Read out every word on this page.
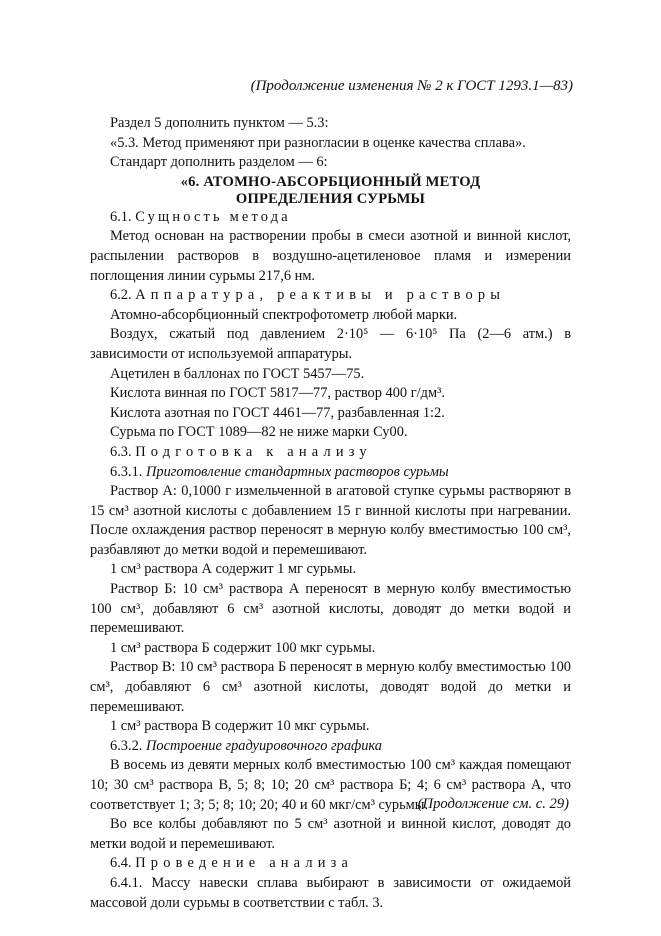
(Продолжение изменения № 2 к ГОСТ 1293.1—83)

Раздел 5 дополнить пунктом — 5.3:

«5.3. Метод применяют при разногласии в оценке качества сплава».

Стандарт дополнить разделом — 6:

«6. АТОМНО-АБСОРБЦИОННЫЙ МЕТОД
ОПРЕДЕЛЕНИЯ СУРЬМЫ

6.1. Сущность метода

Метод основан на растворении пробы в смеси азотной и винной кислот, распылении растворов в воздушно-ацетиленовое пламя и измерении поглощения линии сурьмы 217,6 нм.

6.2. Аппаратура, реактивы и растворы

Атомно-абсорбционный спектрофотометр любой марки.

Воздух, сжатый под давлением 2·10⁵ — 6·10⁵ Па (2—6 атм.) в зависимости от используемой аппаратуры.

Ацетилен в баллонах по ГОСТ 5457—75.

Кислота винная по ГОСТ 5817—77, раствор 400 г/дм³.

Кислота азотная по ГОСТ 4461—77, разбавленная 1:2.

Сурьма по ГОСТ 1089—82 не ниже марки Су00.

6.3. Подготовка к анализу

6.3.1. Приготовление стандартных растворов сурьмы

Раствор А: 0,1000 г измельченной в агатовой ступке сурьмы растворяют в 15 см³ азотной кислоты с добавлением 15 г винной кислоты при нагревании. После охлаждения раствор переносят в мерную колбу вместимостью 100 см³, разбавляют до метки водой и перемешивают.

1 см³ раствора А содержит 1 мг сурьмы.

Раствор Б: 10 см³ раствора А переносят в мерную колбу вместимостью 100 см³, добавляют 6 см³ азотной кислоты, доводят до метки водой и перемешивают.

1 см³ раствора Б содержит 100 мкг сурьмы.

Раствор В: 10 см³ раствора Б переносят в мерную колбу вместимостью 100 см³, добавляют 6 см³ азотной кислоты, доводят водой до метки и перемешивают.

1 см³ раствора В содержит 10 мкг сурьмы.

6.3.2. Построение градуировочного графика

В восемь из девяти мерных колб вместимостью 100 см³ каждая помещают 10; 30 см³ раствора В, 5; 8; 10; 20 см³ раствора Б; 4; 6 см³ раствора А, что соответствует 1; 3; 5; 8; 10; 20; 40 и 60 мкг/см³ сурьмы.

Во все колбы добавляют по 5 см³ азотной и винной кислот, доводят до метки водой и перемешивают.

6.4. Проведение анализа

6.4.1. Массу навески сплава выбирают в зависимости от ожидаемой массовой доли сурьмы в соответствии с табл. 3.

(Продолжение см. с. 29)
